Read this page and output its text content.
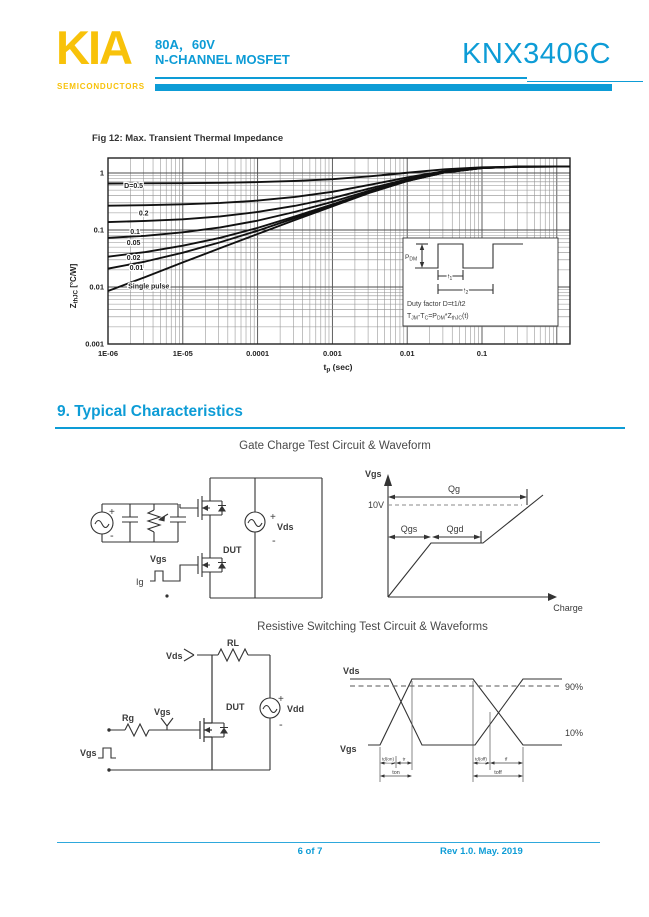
KIA
SEMICONDUCTORS
80A，60V
N-CHANNEL MOSFET	KNX3406C
Fig 12: Max. Transient Thermal Impedance
D=0.5
0.2
0.1
0.05
0.02
0.01
Single pulse
1E-06	1E-05	0.0001	0.001	0.01	0.1
1
0.1
0.01
0.001
$P_{DM}$
$t_1$
$t_2$
Duty factor D=t1/t2
$T_{JM}-T_C=P_{DM}*Z_{thJC}(t)$
$Z_{thJC}$ [°C/W]
tp (sec)
9. Typical Characteristics
Gate Charge Test Circuit & Waveform
+
Vds
-
+
-
DUT
Vgs
Ig
Vgs
10V
Charge
Qg
Qgs	Qgd
Resistive Switching Test Circuit & Waveforms
RL
Vds
+
Vdd
-
DUT
Rg
Vgs
Vgs
Vds
Vgs
90%
10%
td(on) tr	td(off)	tf
ton	toff
6 of 7	Rev 1.0. May. 2019
